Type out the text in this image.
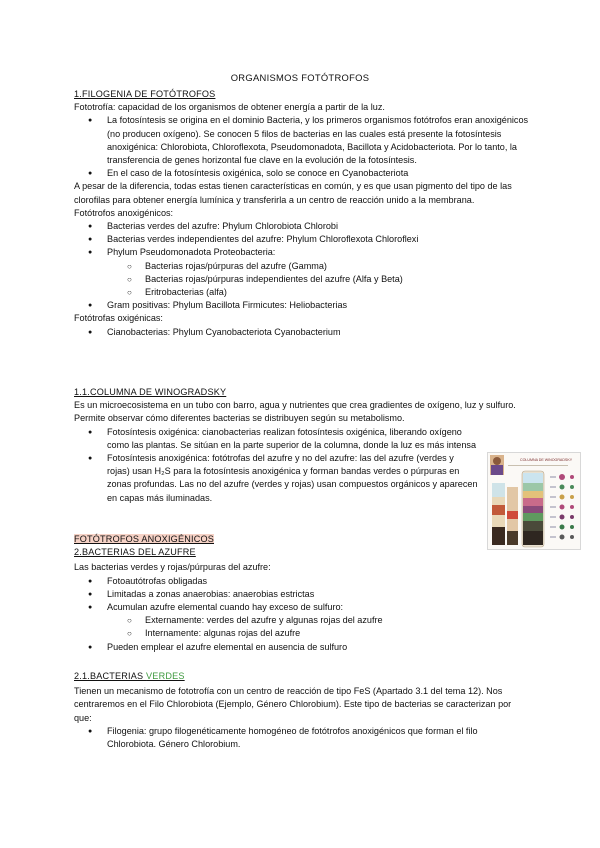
ORGANISMOS FOTÓTROFOS
1.FILOGENIA DE FOTÓTROFOS

Fototrofía: capacidad de los organismos de obtener energía a partir de la luz.

● La fotosíntesis se origina en el dominio Bacteria, y los primeros organismos fotótrofos eran anoxigénicos (no producen oxígeno). Se conocen 5 filos de bacterias en las cuales está presente la fotosíntesis anoxigénica: Chlorobiota, Chloroflexota, Pseudomonadota, Bacillota y Acidobacteriota. Por lo tanto, la transferencia de genes horizontal fue clave en la evolución de la fotosíntesis.
● En el caso de la fotosíntesis oxigénica, solo se conoce en Cyanobacteriota

A pesar de la diferencia, todas estas tienen características en común, y es que usan pigmento del tipo de las clorofilas para obtener energía lumínica y transferirla a un centro de reacción unido a la membrana.

Fotótrofos anoxigénicos:
● Bacterias verdes del azufre: Phylum Chlorobiota Chlorobi
● Bacterias verdes independientes del azufre: Phylum Chloroflexota Chloroflexi
● Phylum Pseudomonadota Proteobacteria:
○ Bacterias rojas/púrpuras del azufre (Gamma)
○ Bacterias rojas/púrpuras independientes del azufre (Alfa y Beta)
○ Eritrobacterias (alfa)
● Gram positivas: Phylum Bacillota Firmicutes: Heliobacterias
Fotótrofas oxigénicas:
● Cianobacterias: Phylum Cyanobacteriota Cyanobacterium
1.1.COLUMNA DE WINOGRADSKY

Es un microecosistema en un tubo con barro, agua y nutrientes que crea gradientes de oxígeno, luz y sulfuro. Permite observar cómo diferentes bacterias se distribuyen según su metabolismo.

● Fotosíntesis oxigénica: cianobacterias realizan fotosíntesis oxigénica, liberando oxígeno como las plantas. Se sitúan en la parte superior de la columna, donde la luz es más intensa
● Fotosíntesis anoxigénica: fotótrofas del azufre y no del azufre: las del azufre (verdes y rojas) usan H₂S para la fotosíntesis anoxigénica y forman bandas verdes o púrpuras en zonas profundas. Las no del azufre (verdes y rojas) usan compuestos orgánicos y aparecen en capas más iluminadas.
COLUMNA DE WINOGRADSKY
FOTÓTROFOS ANOXIGÉNICOS
2.BACTERIAS DEL AZUFRE

Las bacterias verdes y rojas/púrpuras del azufre:

● Fotoautótrofas obligadas
● Limitadas a zonas anaerobias: anaerobias estrictas
● Acumulan azufre elemental cuando hay exceso de sulfuro:
○ Externamente: verdes del azufre y algunas rojas del azufre
○ Internamente: algunas rojas del azufre
● Pueden emplear el azufre elemental en ausencia de sulfuro
2.1.BACTERIAS VERDES

Tienen un mecanismo de fototrofía con un centro de reacción de tipo FeS (Apartado 3.1 del tema 12). Nos centraremos en el Filo Chlorobiota (Ejemplo, Género Chlorobium). Este tipo de bacterias se caracterizan por que:

● Filogenia: grupo filogenéticamente homogéneo de fotótrofos anoxigénicos que forman el filo Chlorobiota. Género Chlorobium.
